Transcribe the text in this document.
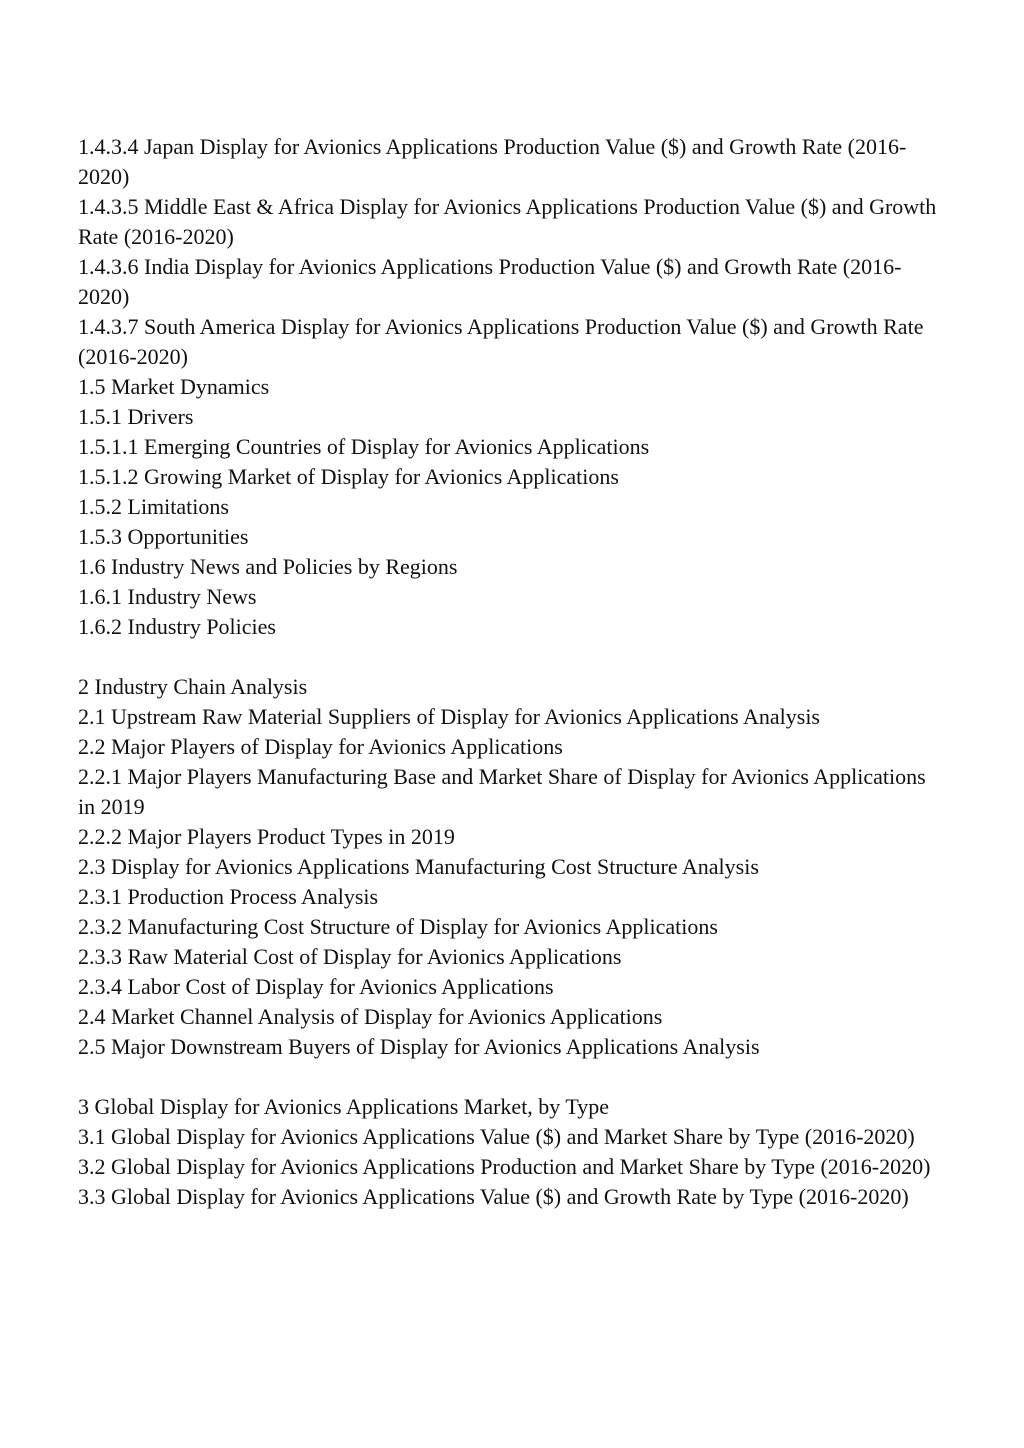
1.4.3.4 Japan Display for Avionics Applications Production Value ($) and Growth Rate (2016-2020)

1.4.3.5 Middle East & Africa Display for Avionics Applications Production Value ($) and Growth Rate (2016-2020)

1.4.3.6 India Display for Avionics Applications Production Value ($) and Growth Rate (2016-2020)

1.4.3.7 South America Display for Avionics Applications Production Value ($) and Growth Rate (2016-2020)

1.5 Market Dynamics

1.5.1 Drivers

1.5.1.1 Emerging Countries of Display for Avionics Applications

1.5.1.2 Growing Market of Display for Avionics Applications

1.5.2 Limitations

1.5.3 Opportunities

1.6 Industry News and Policies by Regions

1.6.1 Industry News

1.6.2 Industry Policies

2 Industry Chain Analysis

2.1 Upstream Raw Material Suppliers of Display for Avionics Applications Analysis

2.2 Major Players of Display for Avionics Applications

2.2.1 Major Players Manufacturing Base and Market Share of Display for Avionics Applications in 2019

2.2.2 Major Players Product Types in 2019

2.3 Display for Avionics Applications Manufacturing Cost Structure Analysis

2.3.1 Production Process Analysis

2.3.2 Manufacturing Cost Structure of Display for Avionics Applications

2.3.3 Raw Material Cost of Display for Avionics Applications

2.3.4 Labor Cost of Display for Avionics Applications

2.4 Market Channel Analysis of Display for Avionics Applications

2.5 Major Downstream Buyers of Display for Avionics Applications Analysis

3 Global Display for Avionics Applications Market, by Type

3.1 Global Display for Avionics Applications Value ($) and Market Share by Type (2016-2020)

3.2 Global Display for Avionics Applications Production and Market Share by Type (2016-2020)

3.3 Global Display for Avionics Applications Value ($) and Growth Rate by Type (2016-2020)
